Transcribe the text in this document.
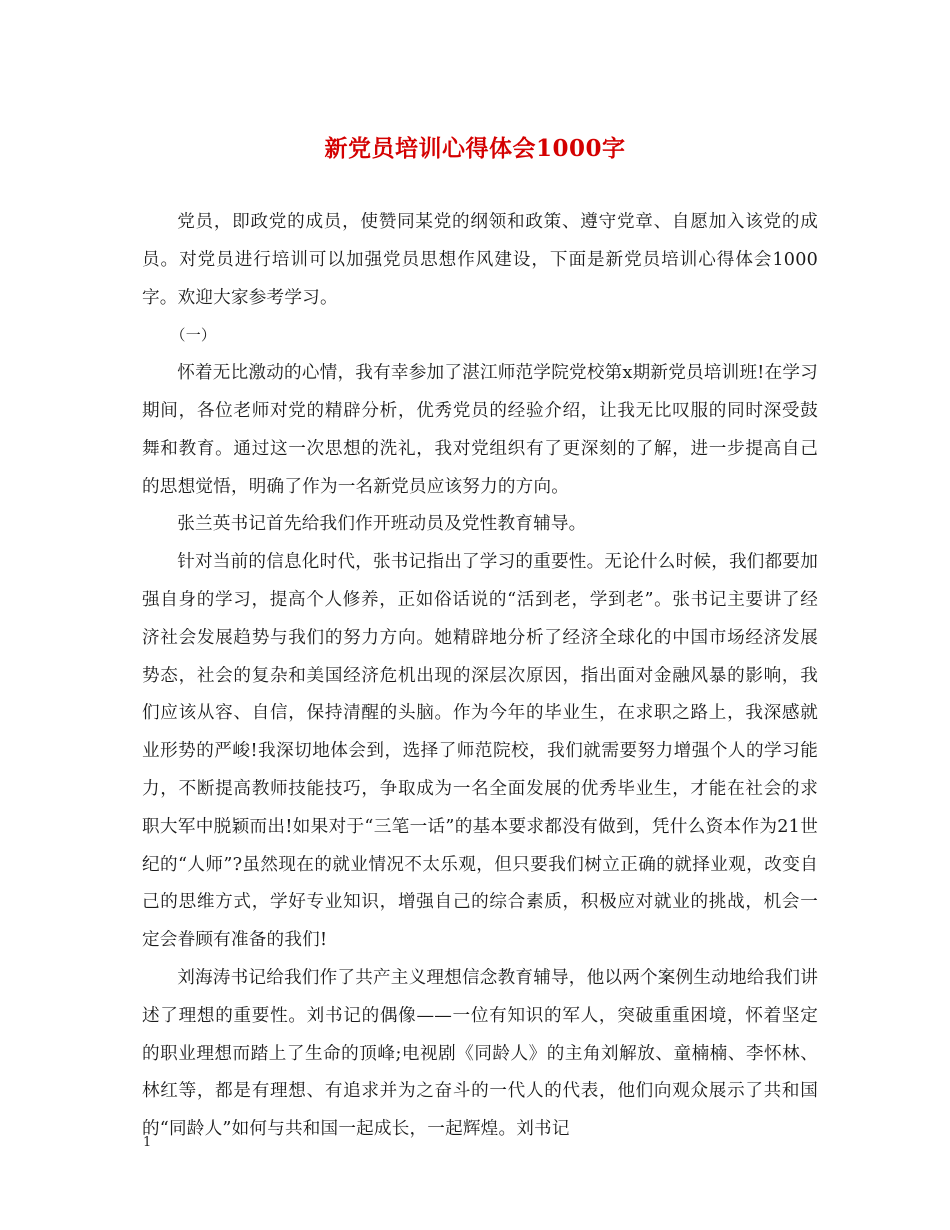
新党员培训心得体会1000字

党员，即政党的成员，使赞同某党的纲领和政策、遵守党章、自愿加入该党的成员。对党员进行培训可以加强党员思想作风建设，下面是新党员培训心得体会1000字。欢迎大家参考学习。

（一）

怀着无比激动的心情，我有幸参加了湛江师范学院党校第x期新党员培训班!在学习期间，各位老师对党的精辟分析，优秀党员的经验介绍，让我无比叹服的同时深受鼓舞和教育。通过这一次思想的洗礼，我对党组织有了更深刻的了解，进一步提高自己的思想觉悟，明确了作为一名新党员应该努力的方向。

张兰英书记首先给我们作开班动员及党性教育辅导。

针对当前的信息化时代，张书记指出了学习的重要性。无论什么时候，我们都要加强自身的学习，提高个人修养，正如俗话说的“活到老，学到老”。张书记主要讲了经济社会发展趋势与我们的努力方向。她精辟地分析了经济全球化的中国市场经济发展势态，社会的复杂和美国经济危机出现的深层次原因，指出面对金融风暴的影响，我们应该从容、自信，保持清醒的头脑。作为今年的毕业生，在求职之路上，我深感就业形势的严峻!我深切地体会到，选择了师范院校，我们就需要努力增强个人的学习能力，不断提高教师技能技巧，争取成为一名全面发展的优秀毕业生，才能在社会的求职大军中脱颖而出!如果对于“三笔一话”的基本要求都没有做到，凭什么资本作为21世纪的“人师”?虽然现在的就业情况不太乐观，但只要我们树立正确的就择业观，改变自己的思维方式，学好专业知识，增强自己的综合素质，积极应对就业的挑战，机会一定会眷顾有准备的我们!

刘海涛书记给我们作了共产主义理想信念教育辅导，他以两个案例生动地给我们讲述了理想的重要性。刘书记的偶像——一位有知识的军人，突破重重困境，怀着坚定的职业理想而踏上了生命的顶峰;电视剧《同龄人》的主角刘解放、童楠楠、李怀林、林红等，都是有理想、有追求并为之奋斗的一代人的代表，他们向观众展示了共和国的“同龄人”如何与共和国一起成长，一起辉煌。刘书记

1
